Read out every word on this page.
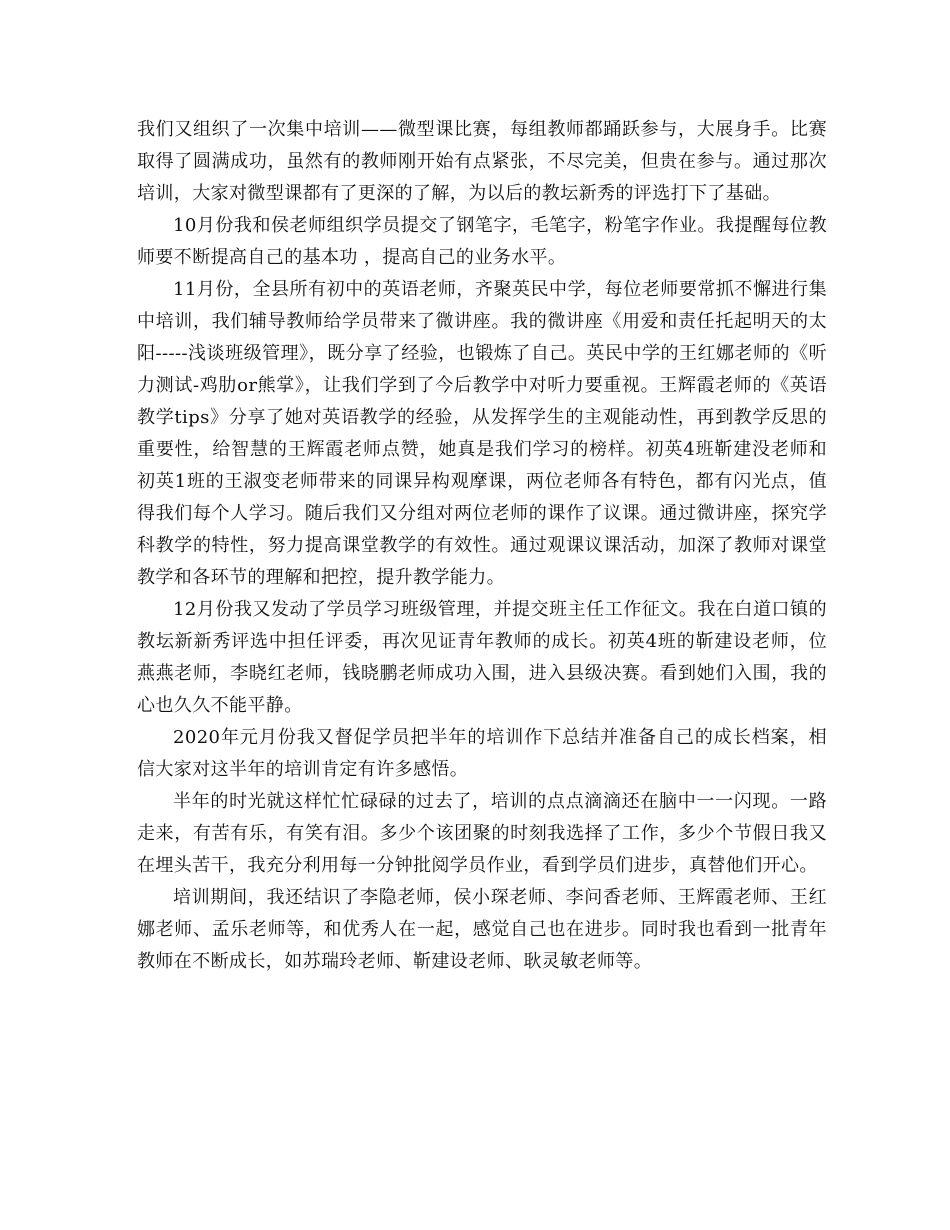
我们又组织了一次集中培训——微型课比赛，每组教师都踊跃参与，大展身手。比赛取得了圆满成功，虽然有的教师刚开始有点紧张，不尽完美，但贵在参与。通过那次培训，大家对微型课都有了更深的了解，为以后的教坛新秀的评选打下了基础。

10月份我和侯老师组织学员提交了钢笔字，毛笔字，粉笔字作业。我提醒每位教师要不断提高自己的基本功 ，提高自己的业务水平。

11月份，全县所有初中的英语老师，齐聚英民中学，每位老师要常抓不懈进行集中培训，我们辅导教师给学员带来了微讲座。我的微讲座《用爱和责任托起明天的太阳-----浅谈班级管理》，既分享了经验，也锻炼了自己。英民中学的王红娜老师的《听力测试-鸡肋or熊掌》，让我们学到了今后教学中对听力要重视。王辉霞老师的《英语教学tips》分享了她对英语教学的经验，从发挥学生的主观能动性，再到教学反思的重要性，给智慧的王辉霞老师点赞，她真是我们学习的榜样。初英4班靳建没老师和初英1班的王淑变老师带来的同课异构观摩课，两位老师各有特色，都有闪光点，值得我们每个人学习。随后我们又分组对两位老师的课作了议课。通过微讲座，探究学科教学的特性，努力提高课堂教学的有效性。通过观课议课活动，加深了教师对课堂教学和各环节的理解和把控，提升教学能力。

12月份我又发动了学员学习班级管理，并提交班主任工作征文。我在白道口镇的教坛新新秀评选中担任评委，再次见证青年教师的成长。初英4班的靳建设老师，位燕燕老师，李晓红老师，钱晓鹏老师成功入围，进入县级决赛。看到她们入围，我的心也久久不能平静。

2020年元月份我又督促学员把半年的培训作下总结并准备自己的成长档案，相信大家对这半年的培训肯定有许多感悟。

半年的时光就这样忙忙碌碌的过去了，培训的点点滴滴还在脑中一一闪现。一路走来，有苦有乐，有笑有泪。多少个该团聚的时刻我选择了工作，多少个节假日我又在埋头苦干，我充分利用每一分钟批阅学员作业，看到学员们进步，真替他们开心。

培训期间，我还结识了李隐老师，侯小琛老师、李问香老师、王辉霞老师、王红娜老师、孟乐老师等，和优秀人在一起，感觉自己也在进步。同时我也看到一批青年教师在不断成长，如苏瑞玲老师、靳建设老师、耿灵敏老师等。
